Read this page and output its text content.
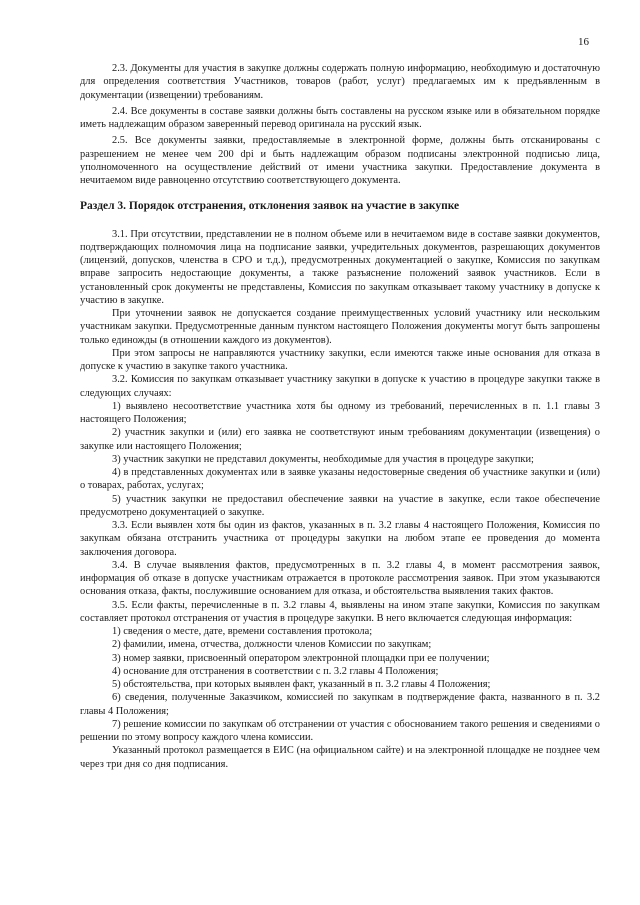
16

2.3. Документы для участия в закупке должны содержать полную информацию, необходимую и достаточную для определения соответствия Участников, товаров (работ, услуг) предлагаемых им к предъявленным в документации (извещении) требованиям.

2.4. Все документы в составе заявки должны быть составлены на русском языке или в обязательном порядке иметь надлежащим образом заверенный перевод оригинала на русский язык.

2.5. Все документы заявки, предоставляемые в электронной форме, должны быть отсканированы с разрешением не менее чем 200 dpi и быть надлежащим образом подписаны электронной подписью лица, уполномоченного на осуществление действий от имени участника закупки. Предоставление документа в нечитаемом виде равноценно отсутствию соответствующего документа.

Раздел 3. Порядок отстранения, отклонения заявок на участие в закупке

3.1. При отсутствии, представлении не в полном объеме или в нечитаемом виде в составе заявки документов, подтверждающих полномочия лица на подписание заявки, учредительных документов, разрешающих документов (лицензий, допусков, членства в СРО и т.д.), предусмотренных документацией о закупке, Комиссия по закупкам вправе запросить недостающие документы, а также разъяснение положений заявок участников. Если в установленный срок документы не представлены, Комиссия по закупкам отказывает такому участнику в допуске к участию в закупке.

При уточнении заявок не допускается создание преимущественных условий участнику или нескольким участникам закупки. Предусмотренные данным пунктом настоящего Положения документы могут быть запрошены только единожды (в отношении каждого из документов).

При этом запросы не направляются участнику закупки, если имеются также иные основания для отказа в допуске к участию в закупке такого участника.

3.2. Комиссия по закупкам отказывает участнику закупки в допуске к участию в процедуре закупки также в следующих случаях:

1) выявлено несоответствие участника хотя бы одному из требований, перечисленных в п. 1.1 главы 3 настоящего Положения;

2) участник закупки и (или) его заявка не соответствуют иным требованиям документации (извещения) о закупке или настоящего Положения;

3) участник закупки не представил документы, необходимые для участия в процедуре закупки;

4) в представленных документах или в заявке указаны недостоверные сведения об участнике закупки и (или) о товарах, работах, услугах;

5) участник закупки не предоставил обеспечение заявки на участие в закупке, если такое обеспечение предусмотрено документацией о закупке.

3.3. Если выявлен хотя бы один из фактов, указанных в п. 3.2 главы 4 настоящего Положения, Комиссия по закупкам обязана отстранить участника от процедуры закупки на любом этапе ее проведения до момента заключения договора.

3.4. В случае выявления фактов, предусмотренных в п. 3.2 главы 4, в момент рассмотрения заявок, информация об отказе в допуске участникам отражается в протоколе рассмотрения заявок. При этом указываются основания отказа, факты, послужившие основанием для отказа, и обстоятельства выявления таких фактов.

3.5. Если факты, перечисленные в п. 3.2 главы 4, выявлены на ином этапе закупки, Комиссия по закупкам составляет протокол отстранения от участия в процедуре закупки. В него включается следующая информация:

1) сведения о месте, дате, времени составления протокола;

2) фамилии, имена, отчества, должности членов Комиссии по закупкам;

3) номер заявки, присвоенный оператором электронной площадки при ее получении;

4) основание для отстранения в соответствии с п. 3.2 главы 4 Положения;

5) обстоятельства, при которых выявлен факт, указанный в п. 3.2 главы 4 Положения;

6) сведения, полученные Заказчиком, комиссией по закупкам в подтверждение факта, названного в п. 3.2 главы 4 Положения;

7) решение комиссии по закупкам об отстранении от участия с обоснованием такого решения и сведениями о решении по этому вопросу каждого члена комиссии.

Указанный протокол размещается в ЕИС (на официальном сайте) и на электронной площадке не позднее чем через три дня со дня подписания.
